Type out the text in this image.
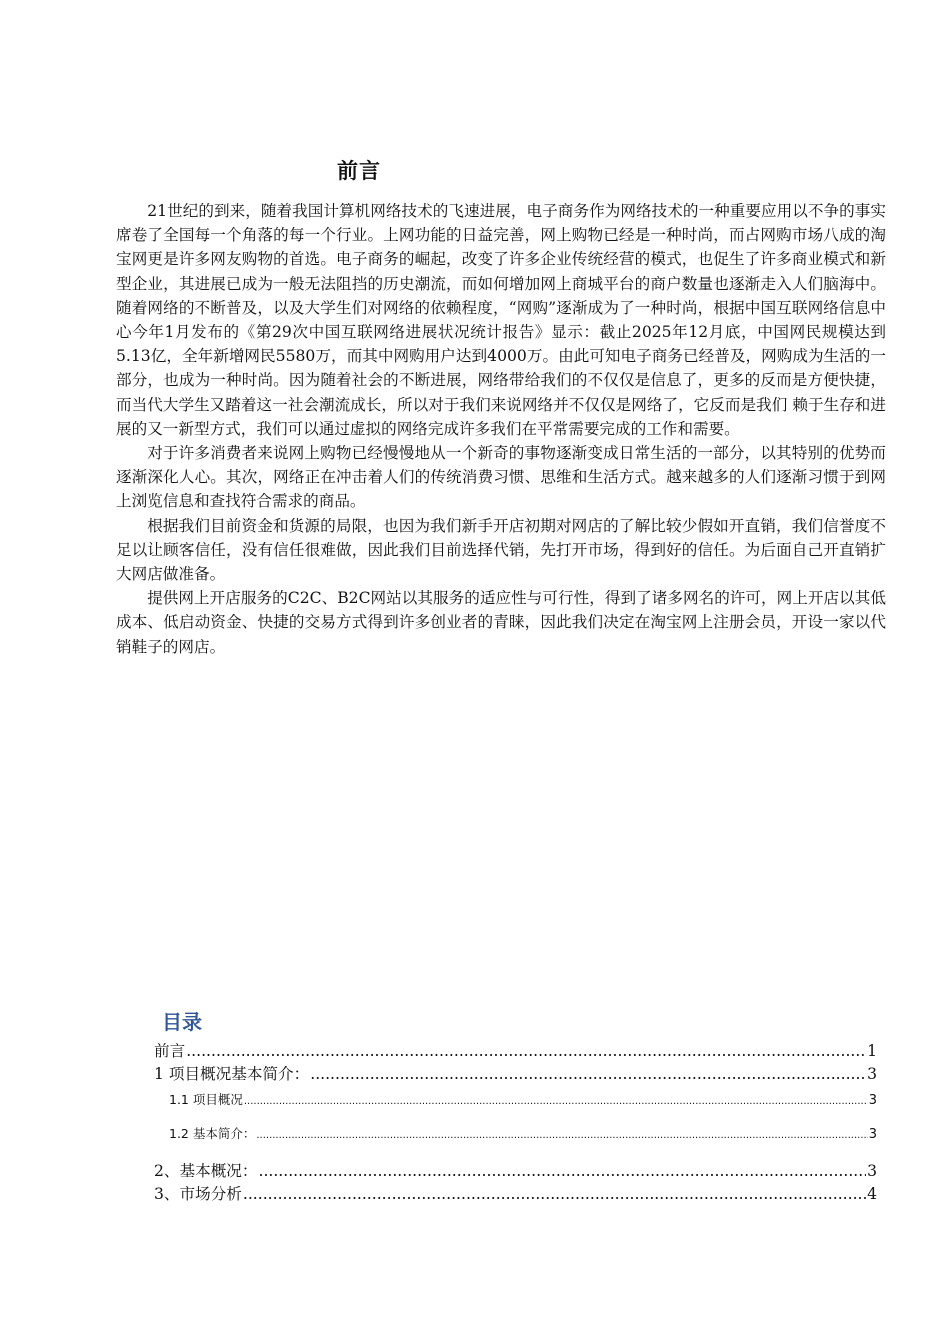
前言

21世纪的到来，随着我国计算机网络技术的飞速进展，电子商务作为网络技术的一种重要应用以不争的事实席卷了全国每一个角落的每一个行业。上网功能的日益完善，网上购物已经是一种时尚，而占网购市场八成的淘宝网更是许多网友购物的首选。电子商务的崛起，改变了许多企业传统经营的模式，也促生了许多商业模式和新型企业，其进展已成为一般无法阻挡的历史潮流，而如何增加网上商城平台的商户数量也逐渐走入人们脑海中。随着网络的不断普及，以及大学生们对网络的依赖程度，“网购”逐渐成为了一种时尚，根据中国互联网络信息中心今年1月发布的《第29次中国互联网络进展状况统计报告》显示：截止2025年12月底，中国网民规模达到5.13亿，全年新增网民5580万，而其中网购用户达到4000万。由此可知电子商务已经普及，网购成为生活的一部分，也成为一种时尚。因为随着社会的不断进展，网络带给我们的不仅仅是信息了，更多的反而是方便快捷，而当代大学生又踏着这一社会潮流成长，所以对于我们来说网络并不仅仅是网络了，它反而是我们 赖于生存和进展的又一新型方式，我们可以通过虚拟的网络完成许多我们在平常需要完成的工作和需要。

对于许多消费者来说网上购物已经慢慢地从一个新奇的事物逐渐变成日常生活的一部分，以其特别的优势而逐渐深化人心。其次，网络正在冲击着人们的传统消费习惯、思维和生活方式。越来越多的人们逐渐习惯于到网上浏览信息和查找符合需求的商品。

根据我们目前资金和货源的局限，也因为我们新手开店初期对网店的了解比较少假如开直销，我们信誉度不足以让顾客信任，没有信任很难做，因此我们目前选择代销，先打开市场，得到好的信任。为后面自己开直销扩大网店做准备。

提供网上开店服务的C2C、B2C网站以其服务的适应性与可行性，得到了诸多网名的许可，网上开店以其低成本、低启动资金、快捷的交易方式得到许多创业者的青睐，因此我们决定在淘宝网上注册会员，开设一家以代销鞋子的网店。

目录
前言 .....	1
1 项目概况基本简介： .....	3
1.1 项目概况 .....	3
1.2 基本简介： .....	3
2、基本概况： .....	3
3、市场分析 .....	4
